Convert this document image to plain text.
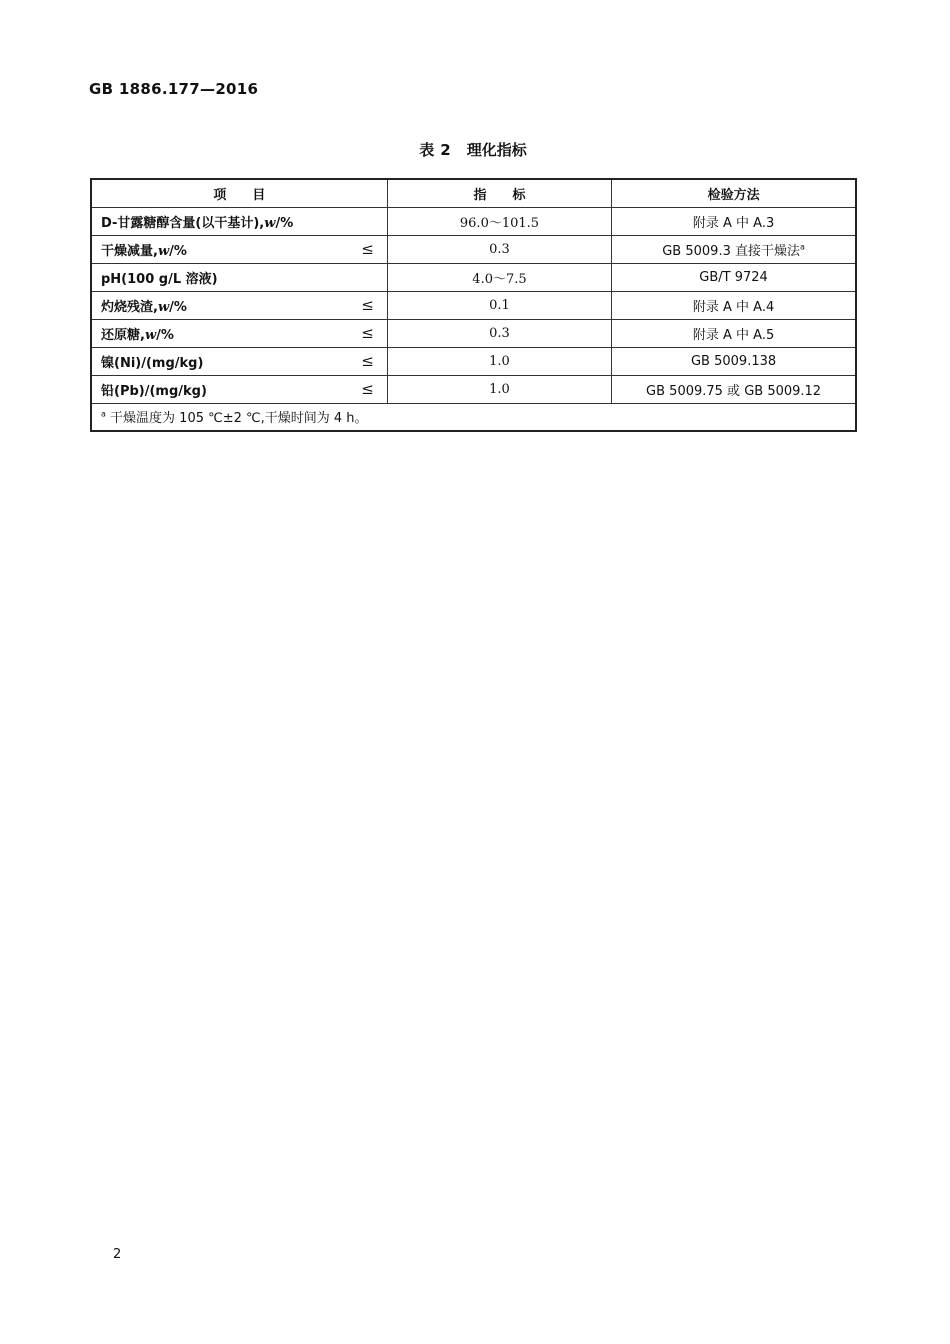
GB 1886.177—2016

表 2 理化指标

项　　目	指　　标	检验方法

D-甘露糖醇含量(以干基计),w/%	96.0～101.5	附录 A 中 A.3

干燥减量,w/% ≤	0.3	GB 5009.3 直接干燥法$^a$

pH(100 g/L 溶液)	4.0～7.5	GB/T 9724

灼烧残渣,w/% ≤	0.1	附录 A 中 A.4

还原糖,w/% ≤	0.3	附录 A 中 A.5

镍(Ni)/(mg/kg) ≤	1.0	GB 5009.138

铅(Pb)/(mg/kg) ≤	1.0	GB 5009.75 或 GB 5009.12
$^a$ 干燥温度为 105 ℃±2 ℃,干燥时间为 4 h。		

2
